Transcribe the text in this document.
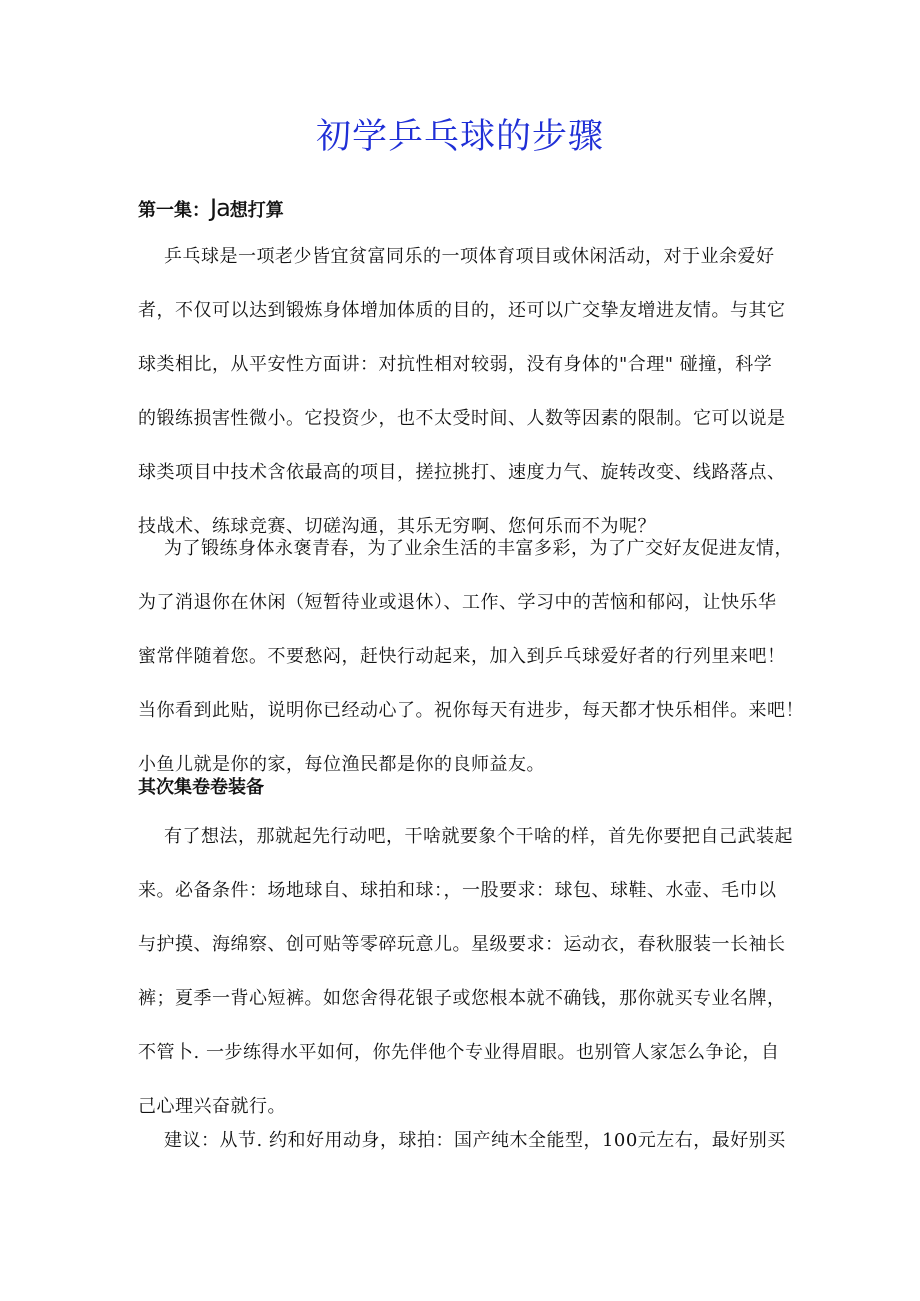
初学乒乓球的步骤
第一集：Ja想打算
乒乓球是一项老少皆宜贫富同乐的一项体育项目或休闲活动，对于业余爱好
者，不仅可以达到锻炼身体增加体质的目的，还可以广交挚友增进友情。与其它
球类相比，从平安性方面讲：对抗性相对较弱，没有身体的"合理" 碰撞，科学
的锻练损害性微小。它投资少，也不太受时间、人数等因素的限制。它可以说是
球类项目中技术含依最高的项目，搓拉挑打、速度力气、旋转改变、线路落点、
技战术、练球竞赛、切磋沟通，其乐无穷啊、您何乐而不为呢？
为了锻练身体永褒青春，为了业余生活的丰富多彩，为了广交好友促进友情，
为了消退你在休闲（短暂待业或退休）、工作、学习中的苦恼和郁闷，让快乐华
蜜常伴随着您。不要愁闷，赶快行动起来，加入到乒乓球爱好者的行列里来吧！
当你看到此贴，说明你已经动心了。祝你每天有进步，每天都才快乐相伴。来吧！
小鱼儿就是你的家，每位渔民都是你的良师益友。
其次集卷卷装备
有了想法，那就起先行动吧，干啥就要象个干啥的样，首先你要把自己武装起
来。必备条件：场地球自、球拍和球：，一股要求：球包、球鞋、水壶、毛巾以
与护摸、海绵察、创可贴等零碎玩意儿。星级要求：运动衣，春秋服装一长袖长
裤；夏季一背心短裤。如您舍得花银子或您根本就不确钱，那你就买专业名牌，
不管卜. 一步练得水平如何，你先伴他个专业得眉眼。也别管人家怎么争论，自
己心理兴奋就行。
建议：从节. 约和好用动身，球拍：国产纯木全能型，100元左右，最好别买
